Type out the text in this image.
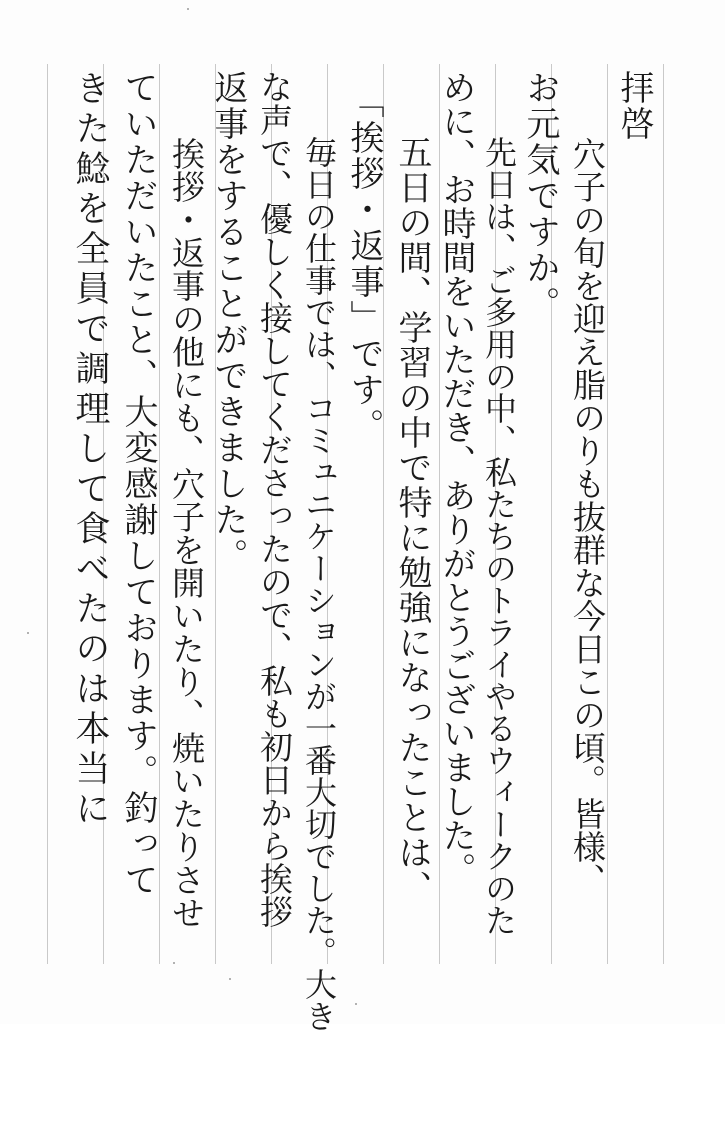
拝啓
　穴子の旬を迎え脂のりも抜群な今日この頃。皆様、
お元気ですか。
　先日は、ご多用の中、私たちのトライやるウィークのた
めに、お時間をいただき、ありがとうございました。
　五日の間、学習の中で特に勉強になったことは、
「挨拶・返事」です。
　毎日の仕事では、コミュニケーションが一番大切でした。大き
な声で、優しく接してくださったので、私も初日から挨拶
返事をすることができました。
　挨拶・返事の他にも、穴子を開いたり、焼いたりさせ
ていただいたこと、大変感謝しております。釣って
きた鯰を全員で調理して食べたのは本当に
